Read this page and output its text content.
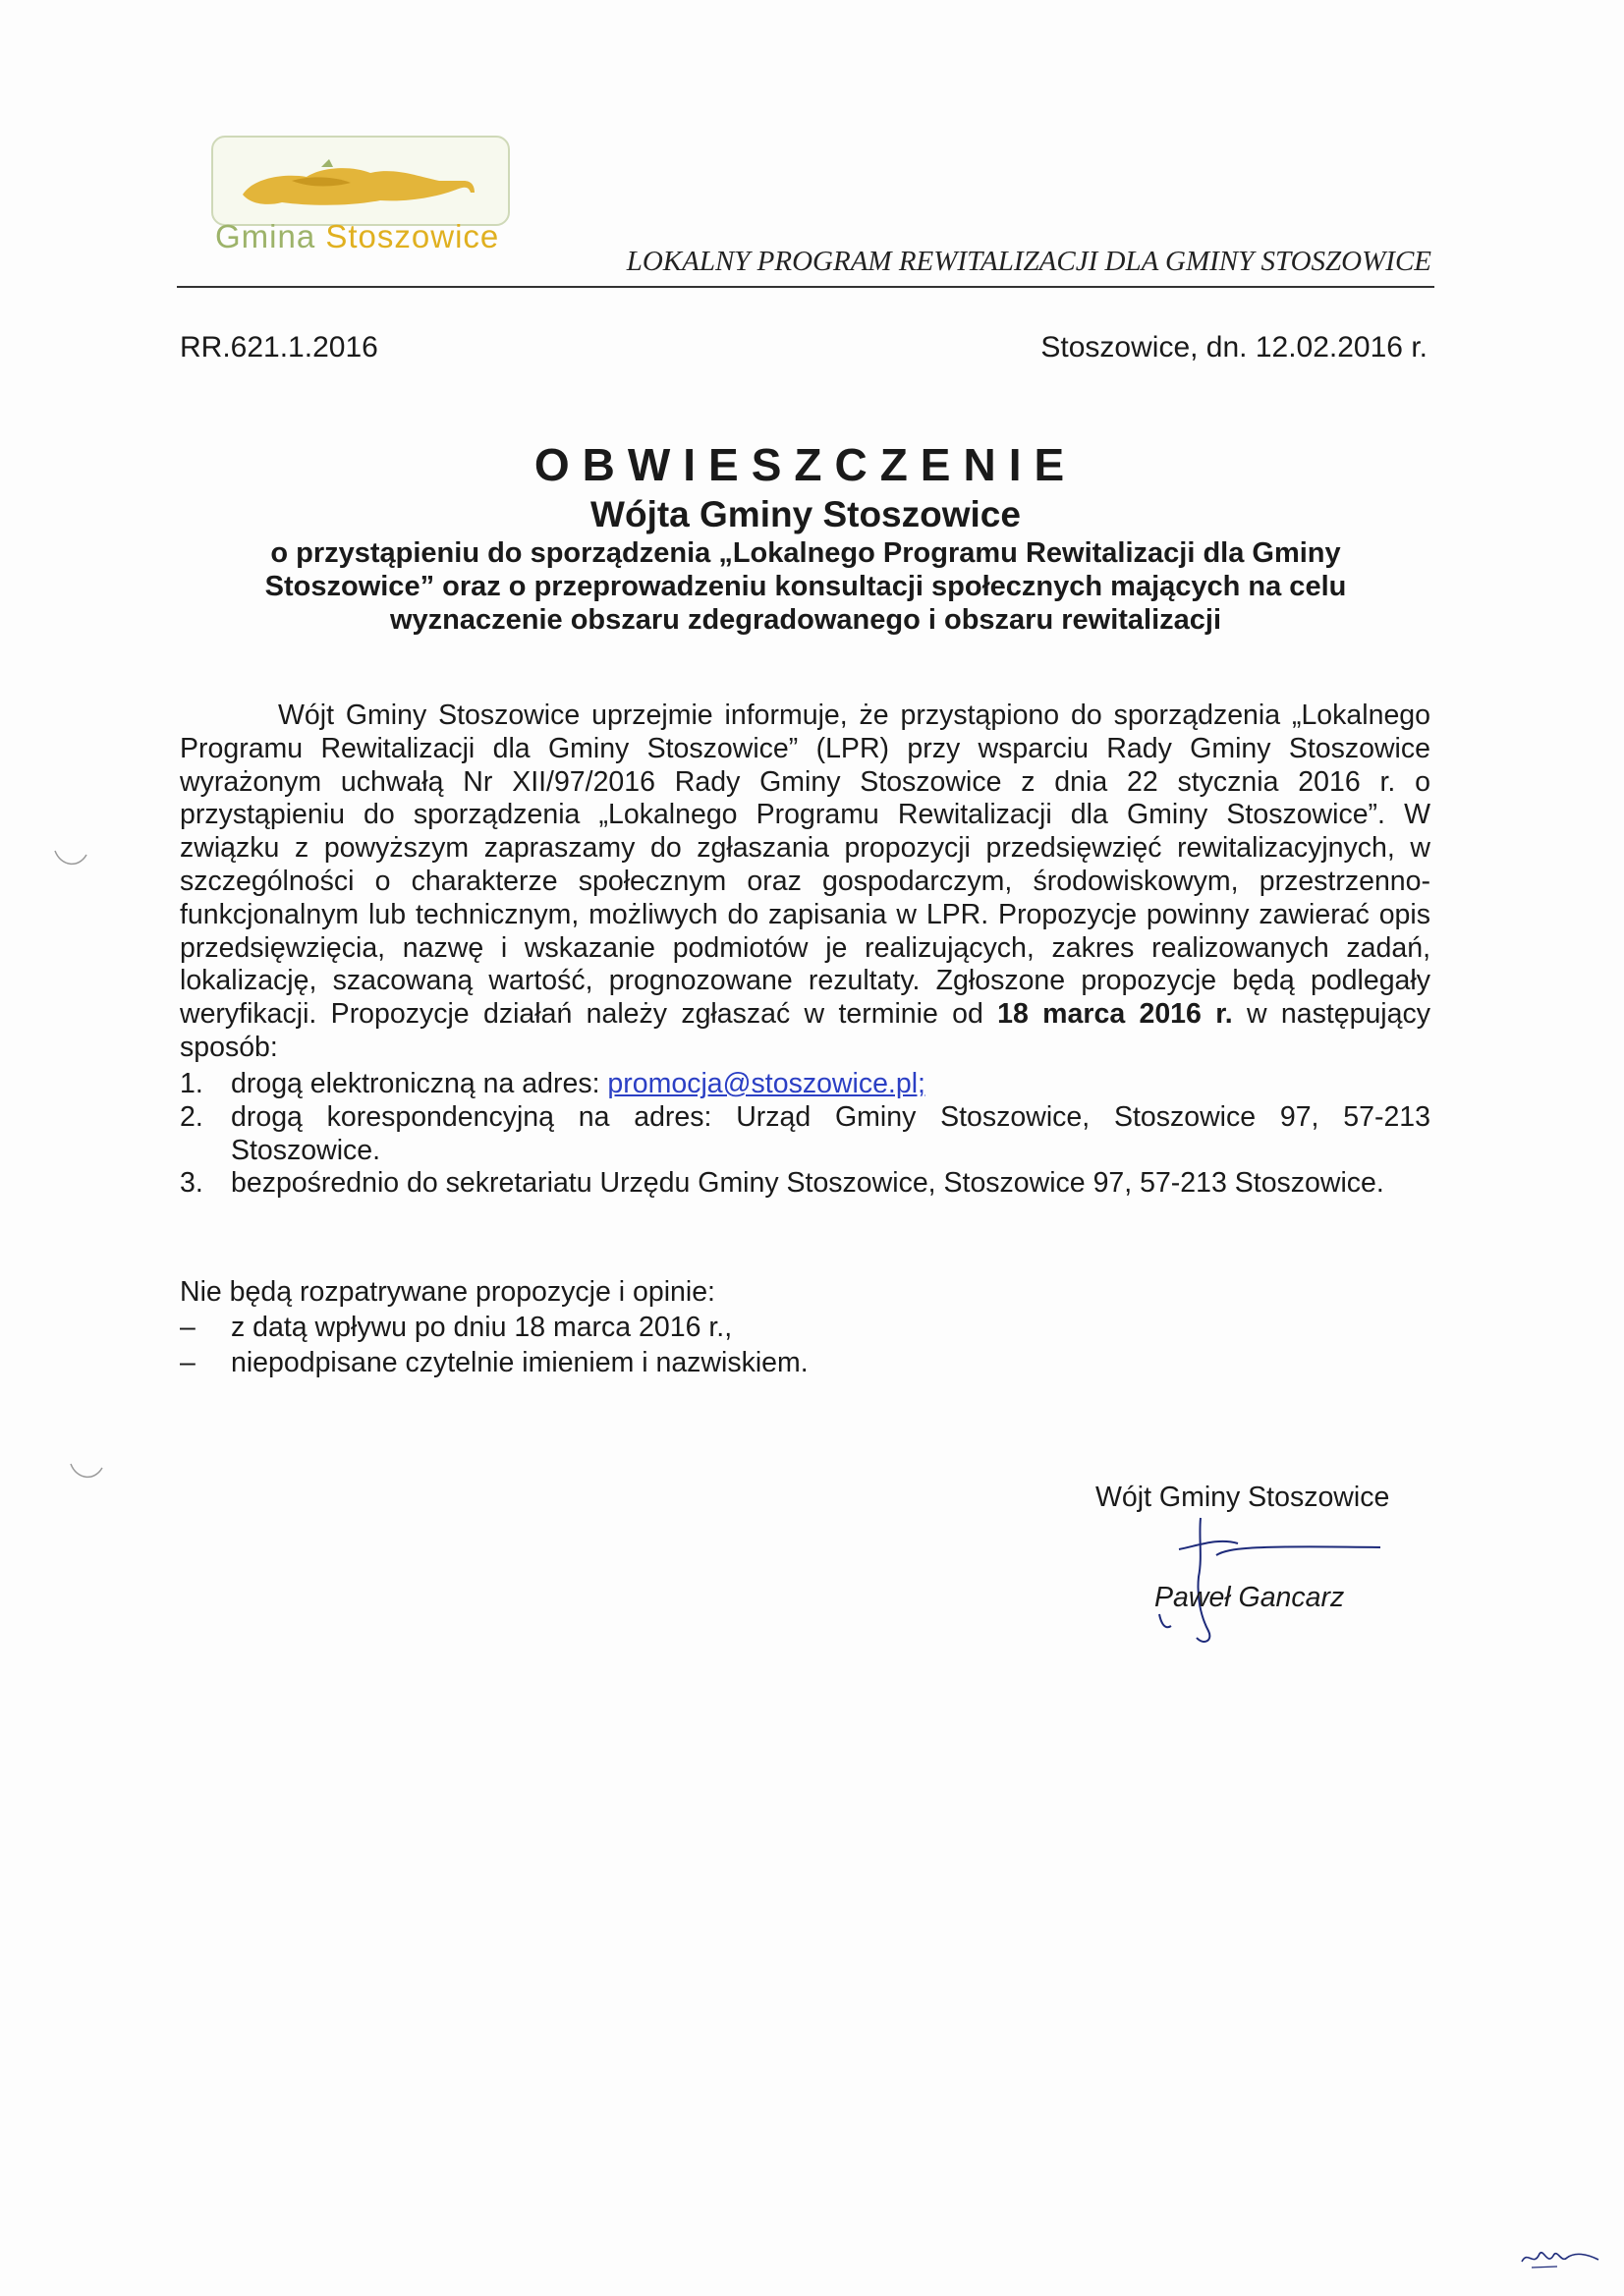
Gmina Stoszowice
LOKALNY PROGRAM REWITALIZACJI DLA GMINY STOSZOWICE
RR.621.1.2016	Stoszowice, dn. 12.02.2016 r.
OBWIESZCZENIE
Wójta Gminy Stoszowice
o przystąpieniu do sporządzenia „Lokalnego Programu Rewitalizacji dla Gminy Stoszowice” oraz o przeprowadzeniu konsultacji społecznych mających na celu wyznaczenie obszaru zdegradowanego i obszaru rewitalizacji
Wójt Gminy Stoszowice uprzejmie informuje, że przystąpiono do sporządzenia „Lokalnego Programu Rewitalizacji dla Gminy Stoszowice” (LPR) przy wsparciu Rady Gminy Stoszowice wyrażonym uchwałą Nr XII/97/2016 Rady Gminy Stoszowice z dnia 22 stycznia 2016 r. o przystąpieniu do sporządzenia „Lokalnego Programu Rewitalizacji dla Gminy Stoszowice”. W związku z powyższym zapraszamy do zgłaszania propozycji przedsięwzięć rewitalizacyjnych, w szczególności o charakterze społecznym oraz gospodarczym, środowiskowym, przestrzenno-funkcjonalnym lub technicznym, możliwych do zapisania w LPR. Propozycje powinny zawierać opis przedsięwzięcia, nazwę i wskazanie podmiotów je realizujących, zakres realizowanych zadań, lokalizację, szacowaną wartość, prognozowane rezultaty. Zgłoszone propozycje będą podlegały weryfikacji. Propozycje działań należy zgłaszać w terminie od 18 marca 2016 r. w następujący sposób:
1. drogą elektroniczną na adres: promocja@stoszowice.pl;
2. drogą korespondencyjną na adres: Urząd Gminy Stoszowice, Stoszowice 97, 57-213 Stoszowice.
3. bezpośrednio do sekretariatu Urzędu Gminy Stoszowice, Stoszowice 97, 57-213 Stoszowice.
Nie będą rozpatrywane propozycje i opinie:
–	z datą wpływu po dniu 18 marca 2016 r.,
–	niepodpisane czytelnie imieniem i nazwiskiem.
Wójt Gminy Stoszowice
Paweł Gancarz
